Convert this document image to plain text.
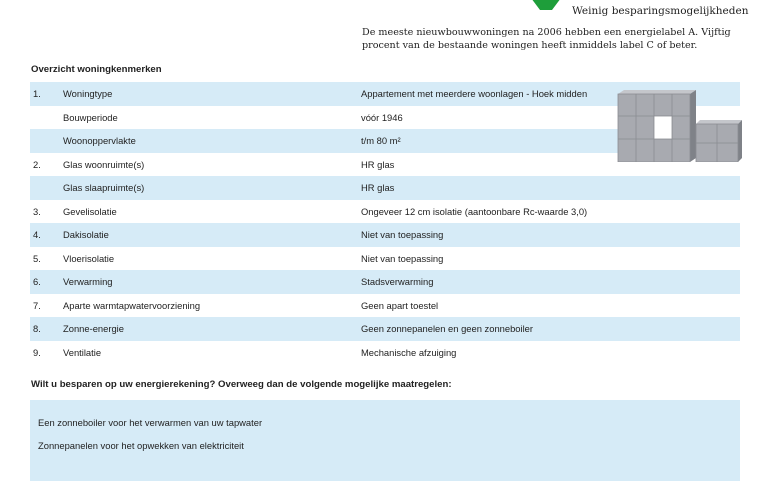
Weinig besparingsmogelijkheden
De meeste nieuwbouwwoningen na 2006 hebben een energielabel A. Vijftig procent van de bestaande woningen heeft inmiddels label C of beter.
Overzicht woningkenmerken
1. Woningtype	Appartement met meerdere woonlagen - Hoek midden
Bouwperiode	vóór 1946
Woonoppervlakte	t/m 80 m²
2. Glas woonruimte(s)	HR glas
Glas slaapruimte(s)	HR glas
3. Gevelisolatie	Ongeveer 12 cm isolatie (aantoonbare Rc-waarde 3,0)
4. Dakisolatie	Niet van toepassing
5. Vloerisolatie	Niet van toepassing
6. Verwarming	Stadsverwarming
7. Aparte warmtapwatervoorziening	Geen apart toestel
8. Zonne-energie	Geen zonnepanelen en geen zonneboiler
9. Ventilatie	Mechanische afzuiging
Wilt u besparen op uw energierekening? Overweeg dan de volgende mogelijke maatregelen:
Een zonneboiler voor het verwarmen van uw tapwater
Zonnepanelen voor het opwekken van elektriciteit
